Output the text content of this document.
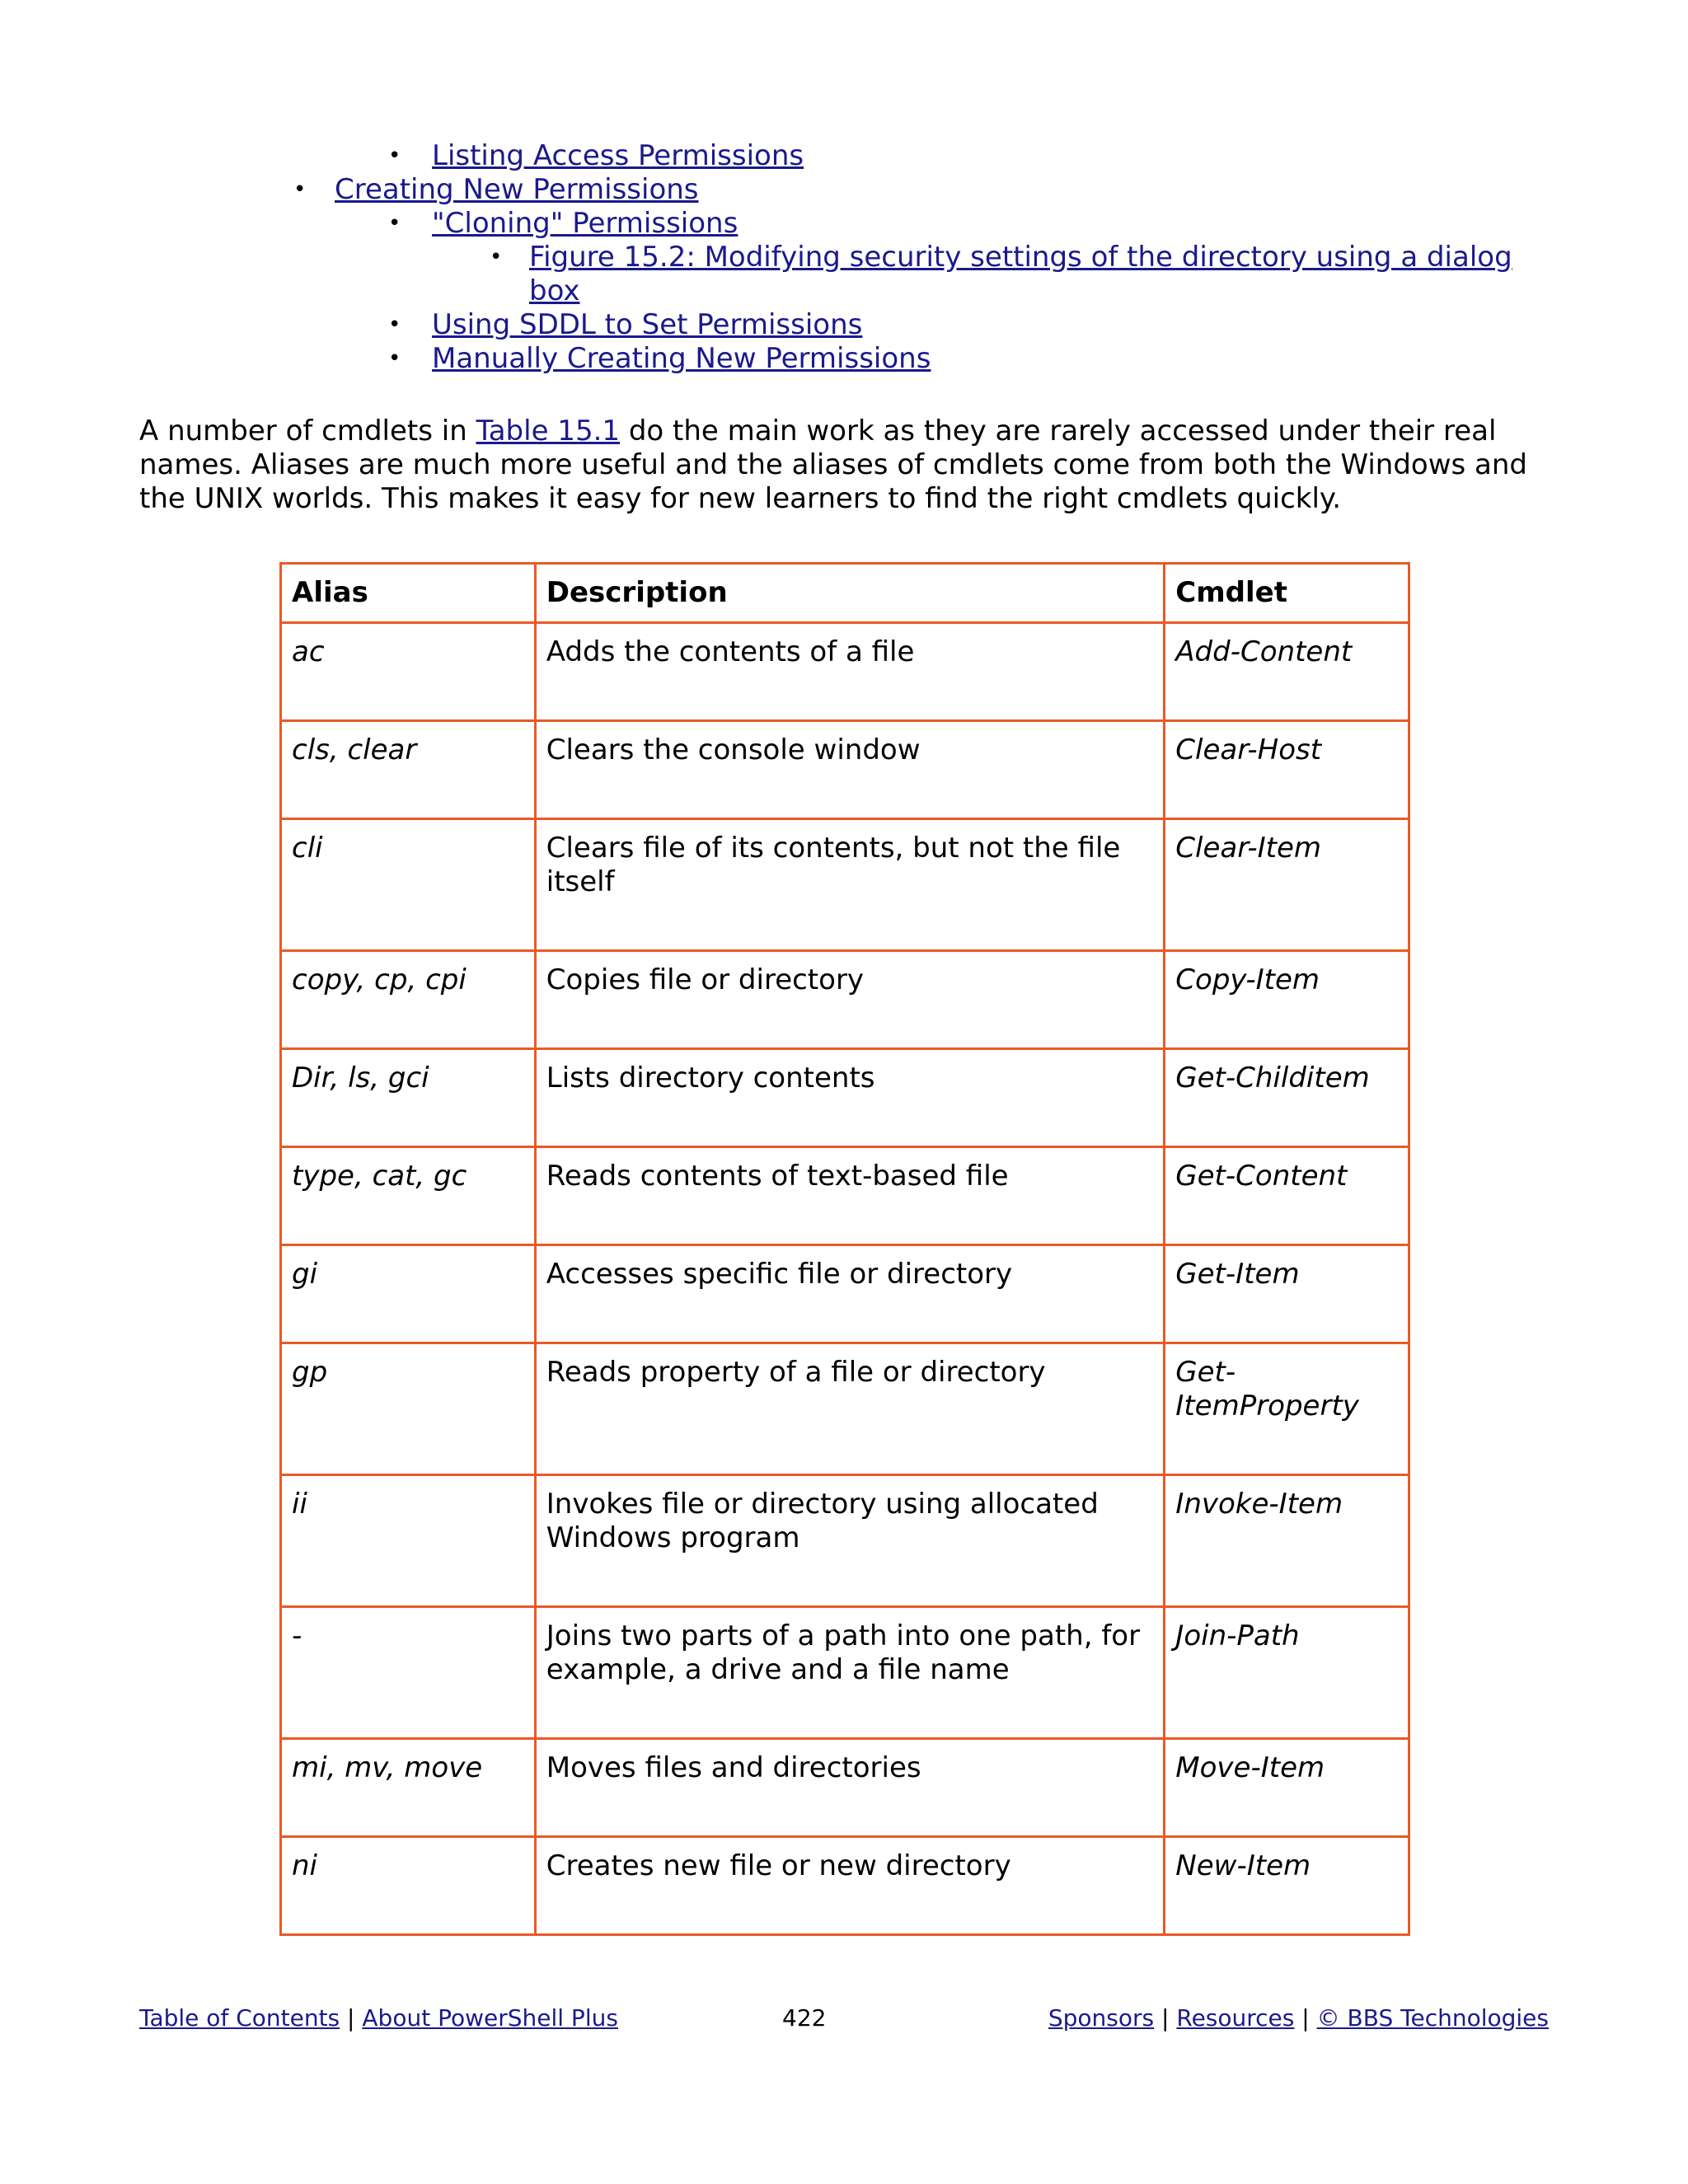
• Listing Access Permissions
• Creating New Permissions
• "Cloning" Permissions
• Figure 15.2: Modifying security settings of the directory using a dialog
box
• Using SDDL to Set Permissions
• Manually Creating New Permissions
A number of cmdlets in Table 15.1 do the main work as they are rarely accessed under their real names. Aliases are much more useful and the aliases of cmdlets come from both the Windows and the UNIX worlds. This makes it easy for new learners to find the right cmdlets quickly.
Alias	Description	Cmdlet
ac	Adds the contents of a file	Add-Content
cls, clear	Clears the console window	Clear-Host
cli	Clears file of its contents, but not the file itself	Clear-Item
copy, cp, cpi	Copies file or directory	Copy-Item
Dir, ls, gci	Lists directory contents	Get-Childitem
type, cat, gc	Reads contents of text-based file	Get-Content
gi	Accesses specific file or directory	Get-Item
gp	Reads property of a file or directory	Get-ItemProperty
ii	Invokes file or directory using allocated Windows program	Invoke-Item
-	Joins two parts of a path into one path, for example, a drive and a file name	Join-Path
mi, mv, move	Moves files and directories	Move-Item
ni	Creates new file or new directory	New-Item
Table of Contents | About PowerShell Plus	422	Sponsors | Resources | © BBS Technologies
